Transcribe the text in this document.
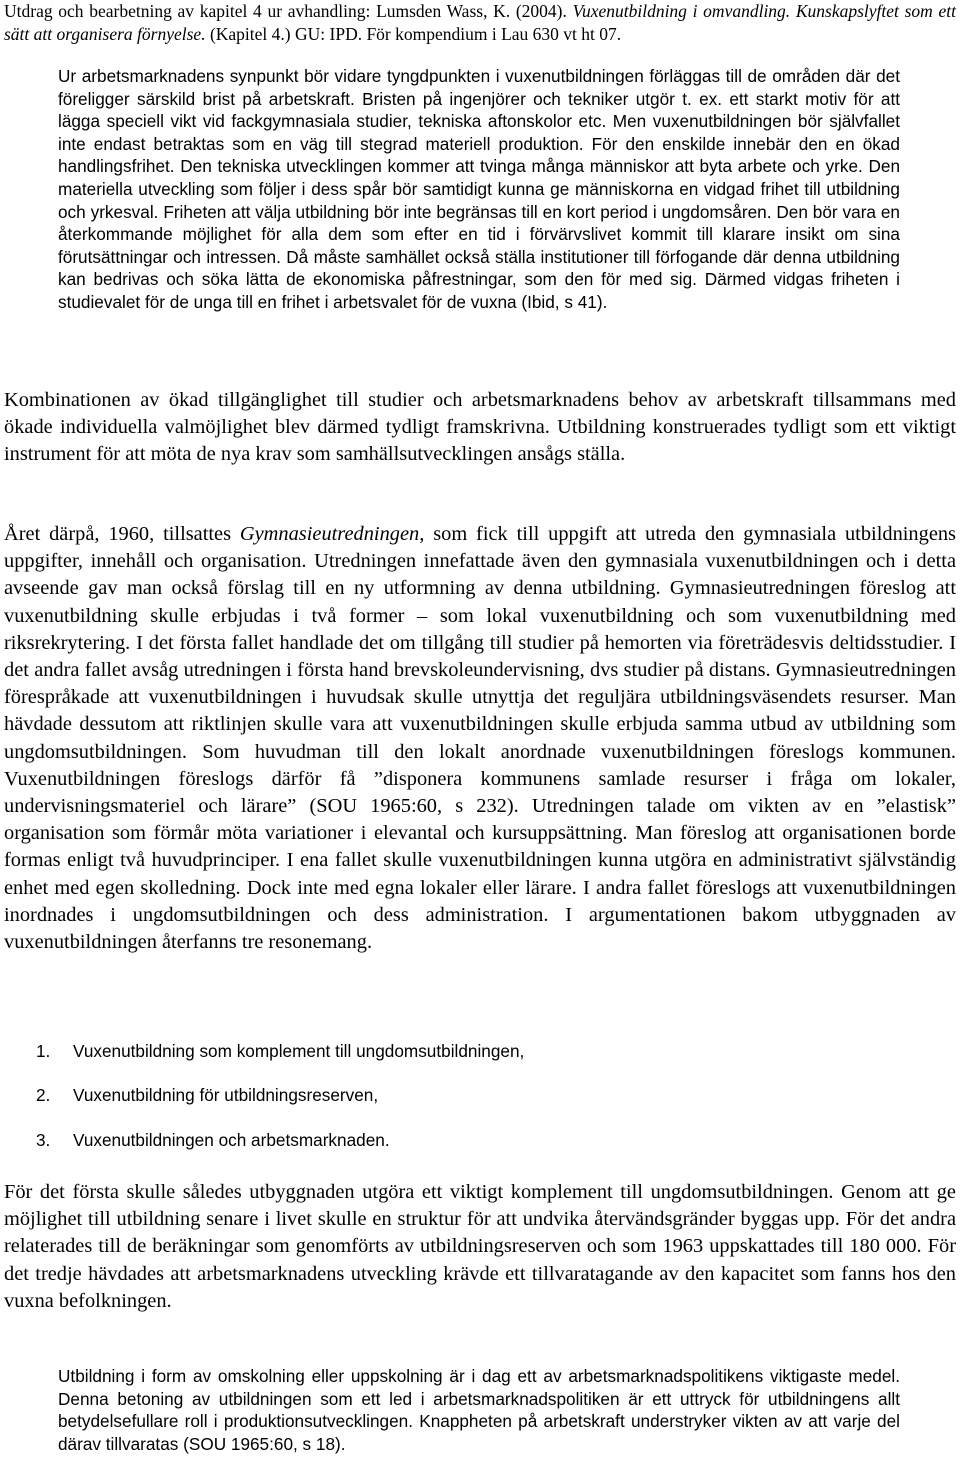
Utdrag och bearbetning av kapitel 4 ur avhandling: Lumsden Wass, K. (2004). Vuxenutbildning i omvandling. Kunskapslyftet som ett sätt att organisera förnyelse. (Kapitel 4.) GU: IPD. För kompendium i Lau 630 vt ht 07.
Ur arbetsmarknadens synpunkt bör vidare tyngdpunkten i vuxenutbildningen förläggas till de områden där det föreligger särskild brist på arbetskraft. Bristen på ingenjörer och tekniker utgör t. ex. ett starkt motiv för att lägga speciell vikt vid fackgymnasiala studier, tekniska aftonskolor etc. Men vuxenutbildningen bör självfallet inte endast betraktas som en väg till stegrad materiell produktion. För den enskilde innebär den en ökad handlingsfrihet. Den tekniska utvecklingen kommer att tvinga många människor att byta arbete och yrke. Den materiella utveckling som följer i dess spår bör samtidigt kunna ge människorna en vidgad frihet till utbildning och yrkesval. Friheten att välja utbildning bör inte begränsas till en kort period i ungdomsåren. Den bör vara en återkommande möjlighet för alla dem som efter en tid i förvärvslivet kommit till klarare insikt om sina förutsättningar och intressen. Då måste samhället också ställa institutioner till förfogande där denna utbildning kan bedrivas och söka lätta de ekonomiska påfrestningar, som den för med sig. Därmed vidgas friheten i studievalet för de unga till en frihet i arbetsvalet för de vuxna (Ibid, s 41).
Kombinationen av ökad tillgänglighet till studier och arbetsmarknadens behov av arbetskraft tillsammans med ökade individuella valmöjlighet blev därmed tydligt framskrivna. Utbildning konstruerades tydligt som ett viktigt instrument för att möta de nya krav som samhällsutvecklingen ansågs ställa.
Året därpå, 1960, tillsattes Gymnasieutredningen, som fick till uppgift att utreda den gymnasiala utbildningens uppgifter, innehåll och organisation. Utredningen innefattade även den gymnasiala vuxenutbildningen och i detta avseende gav man också förslag till en ny utformning av denna utbildning. Gymnasieutredningen föreslog att vuxenutbildning skulle erbjudas i två former – som lokal vuxenutbildning och som vuxenutbildning med riksrekrytering. I det första fallet handlade det om tillgång till studier på hemorten via företrädesvis deltidsstudier. I det andra fallet avsåg utredningen i första hand brevskoleundervisning, dvs studier på distans. Gymnasieutredningen förespråkade att vuxenutbildningen i huvudsak skulle utnyttja det reguljära utbildningsväsendets resurser. Man hävdade dessutom att riktlinjen skulle vara att vuxenutbildningen skulle erbjuda samma utbud av utbildning som ungdomsutbildningen. Som huvudman till den lokalt anordnade vuxenutbildningen föreslogs kommunen. Vuxenutbildningen föreslogs därför få ”disponera kommunens samlade resurser i fråga om lokaler, undervisningsmateriel och lärare” (SOU 1965:60, s 232). Utredningen talade om vikten av en ”elastisk” organisation som förmår möta variationer i elevantal och kursuppsättning. Man föreslog att organisationen borde formas enligt två huvudprinciper. I ena fallet skulle vuxenutbildningen kunna utgöra en administrativt självständig enhet med egen skolledning. Dock inte med egna lokaler eller lärare. I andra fallet föreslogs att vuxenutbildningen inordnades i ungdomsutbildningen och dess administration. I argumentationen bakom utbyggnaden av vuxenutbildningen återfanns tre resonemang.
1. Vuxenutbildning som komplement till ungdomsutbildningen,
2. Vuxenutbildning för utbildningsreserven,
3. Vuxenutbildningen och arbetsmarknaden.
För det första skulle således utbyggnaden utgöra ett viktigt komplement till ungdomsutbildningen. Genom att ge möjlighet till utbildning senare i livet skulle en struktur för att undvika återvändsgränder byggas upp. För det andra relaterades till de beräkningar som genomförts av utbildningsreserven och som 1963 uppskattades till 180 000. För det tredje hävdades att arbetsmarknadens utveckling krävde ett tillvaratagande av den kapacitet som fanns hos den vuxna befolkningen.
Utbildning i form av omskolning eller uppskolning är i dag ett av arbetsmarknadspolitikens viktigaste medel. Denna betoning av utbildningen som ett led i arbetsmarknadspolitiken är ett uttryck för utbildningens allt betydelsefullare roll i produktionsutvecklingen. Knappheten på arbetskraft understryker vikten av att varje del därav tillvaratas (SOU 1965:60, s 18).
